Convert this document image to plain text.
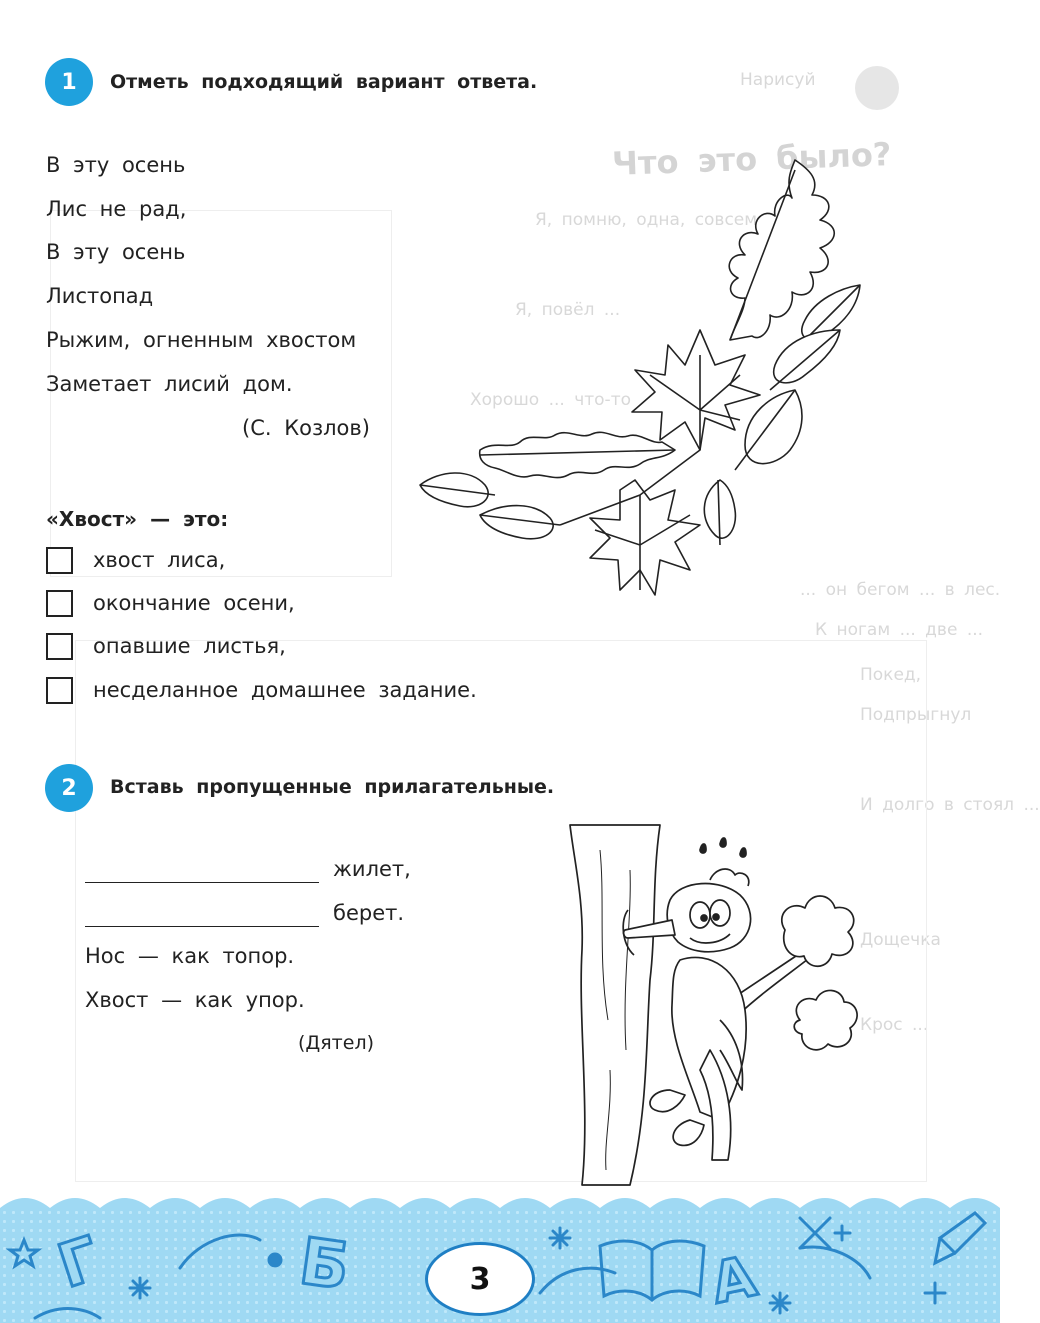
Нарисуй
Что это было?
Я, помню, одна, совсем
Я, повёл ...
Хорошо ... что-то
... он бегом ... в лес.
К ногам ... две ...
Покед,
Подпрыгнул
И долго в стоял ...
Дощечка
Крос ...
1	Отметь подходящий вариант ответа.
В эту осень
Лис не рад,
В эту осень
Листопад
Рыжим, огненным хвостом
Заметает лисий дом.
(С. Козлов)
«Хвост» — это:
хвост лиса,
окончание осени,
опавшие листья,
несделанное домашнее задание.
2	Вставь пропущенные прилагательные.
жилет,
берет.
Нос — как топор.
Хвост — как упор.
(Дятел)
Г	Б	А
3
